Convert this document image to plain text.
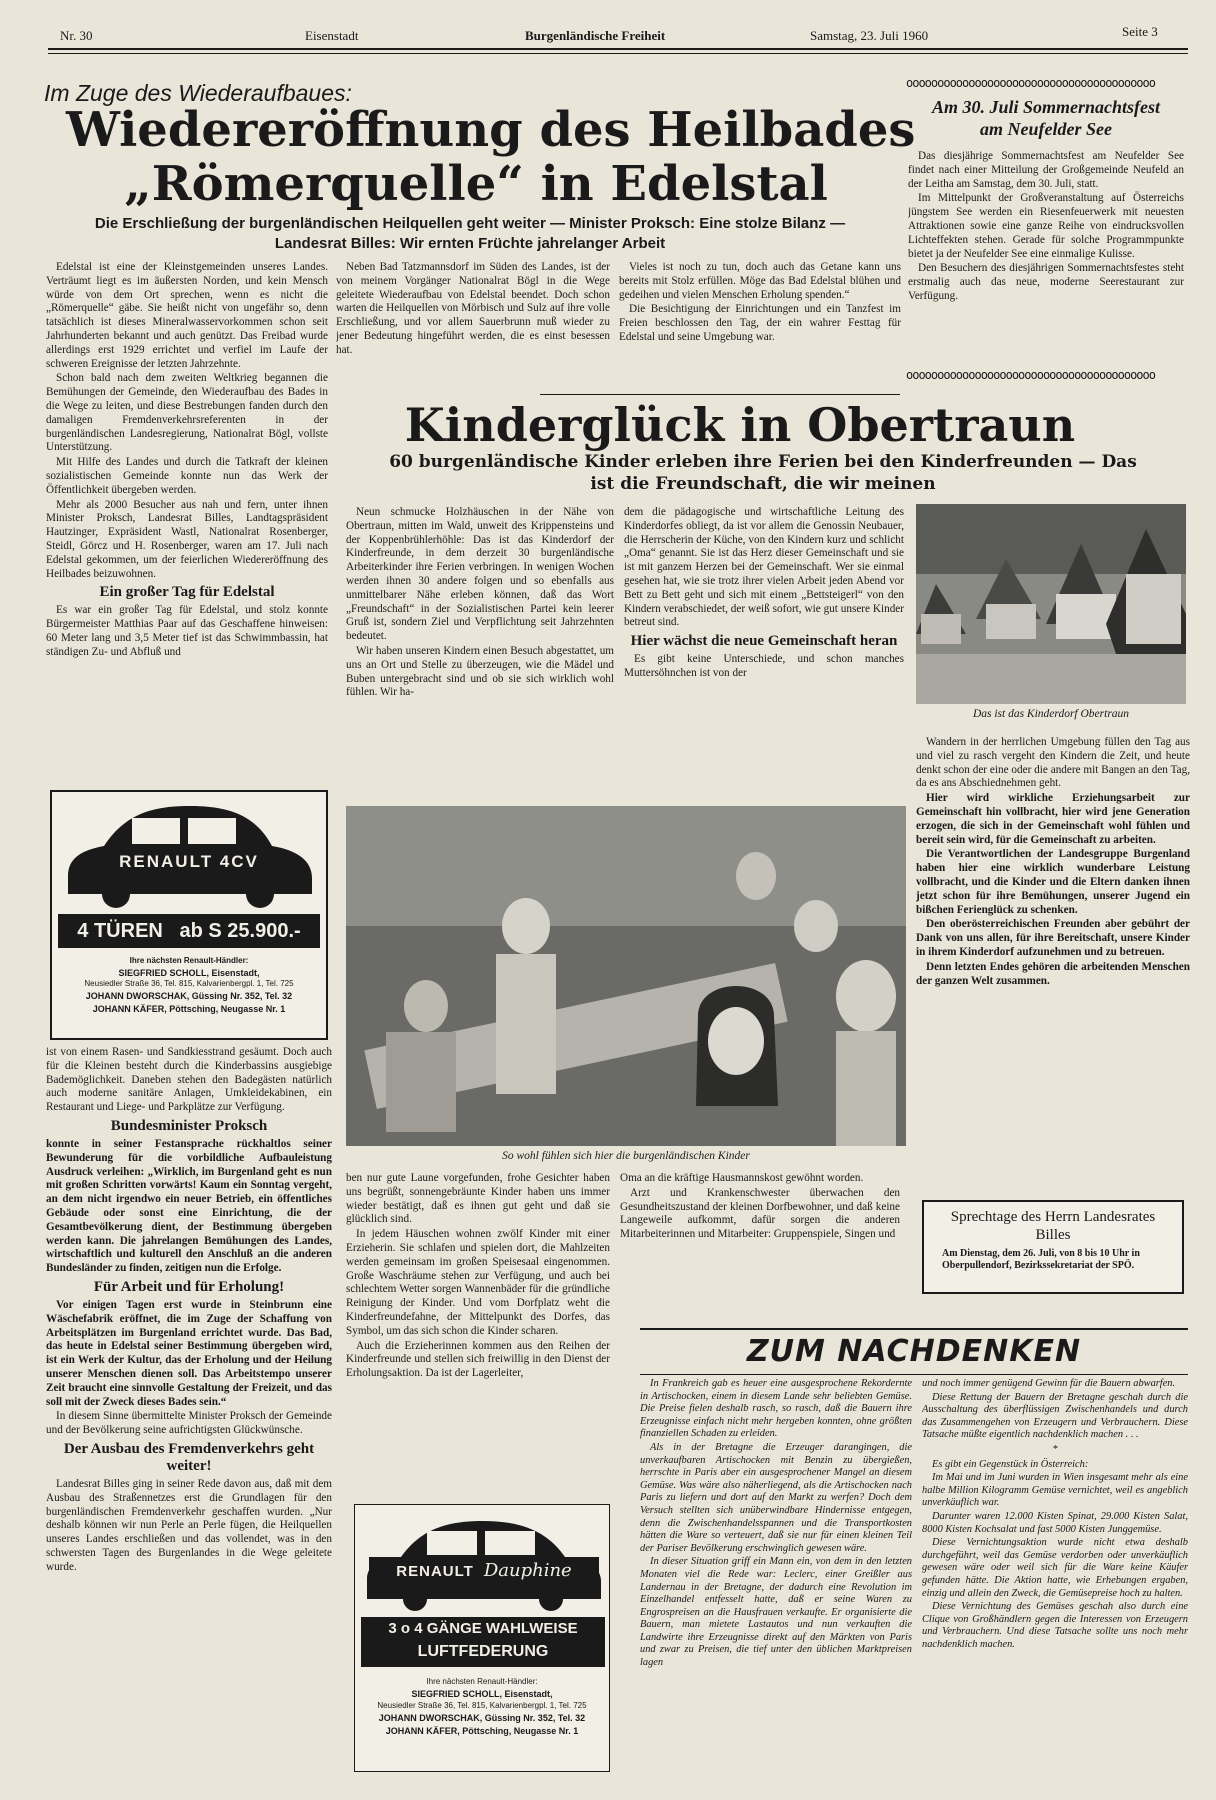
Nr. 30	Eisenstadt	Burgenländische Freiheit	Samstag, 23. Juli 1960	Seite 3
Im Zuge des Wiederaufbaues:
Wiedereröffnung des Heilbades
„Römerquelle“ in Edelstal
Die Erschließung der burgenländischen Heilquellen geht weiter — Minister Proksch: Eine stolze Bilanz —
Landesrat Billes: Wir ernten Früchte jahrelanger Arbeit

Edelstal ist eine der Kleinstgemeinden unseres Landes. Verträumt liegt es im äußersten Norden, und kein Mensch würde von dem Ort sprechen, wenn es nicht die „Römerquelle“ gäbe. Sie heißt nicht von ungefähr so, denn tatsächlich ist dieses Mineralwasservorkommen schon seit Jahrhunderten bekannt und auch genützt. Das Freibad wurde allerdings erst 1929 errichtet und verfiel im Laufe der schweren Ereignisse der letzten Jahrzehnte.

Schon bald nach dem zweiten Weltkrieg begannen die Bemühungen der Gemeinde, den Wiederaufbau des Bades in die Wege zu leiten, und diese Bestrebungen fanden durch den damaligen Fremdenverkehrsreferenten in der burgenländischen Landesregierung, Nationalrat Bögl, vollste Unterstützung.

Mit Hilfe des Landes und durch die Tatkraft der kleinen sozialistischen Gemeinde konnte nun das Werk der Öffentlichkeit übergeben werden.

Mehr als 2000 Besucher aus nah und fern, unter ihnen Minister Proksch, Landesrat Billes, Landtagspräsident Hautzinger, Expräsident Wastl, Nationalrat Rosenberger, Steidl, Görcz und H. Rosenberger, waren am 17. Juli nach Edelstal gekommen, um der feierlichen Wiedereröffnung des Heilbades beizuwohnen.

Ein großer Tag für Edelstal

Es war ein großer Tag für Edelstal, und stolz konnte Bürgermeister Matthias Paar auf das Geschaffene hinweisen: 60 Meter lang und 3,5 Meter tief ist das Schwimmbassin, hat ständigen Zu- und Abfluß und

Neben Bad Tatzmannsdorf im Süden des Landes, ist der von meinem Vorgänger Nationalrat Bögl in die Wege geleitete Wiederaufbau von Edelstal beendet. Doch schon warten die Heilquellen von Mörbisch und Sulz auf ihre volle Erschließung, und vor allem Sauerbrunn muß wieder zu jener Bedeutung hingeführt werden, die es einst besessen hat.

Vieles ist noch zu tun, doch auch das Getane kann uns bereits mit Stolz erfüllen. Möge das Bad Edelstal blühen und gedeihen und vielen Menschen Erholung spenden.“

Die Besichtigung der Einrichtungen und ein Tanzfest im Freien beschlossen den Tag, der ein wahrer Festtag für Edelstal und seine Umgebung war.

RENAULT 4CV
4 TÜREN   ab S 25.900.-
Ihre nächsten Renault-Händler:
SIEGFRIED SCHOLL, Eisenstadt,
Neusiedler Straße 36, Tel. 815, Kalvarienbergpl. 1, Tel. 725
JOHANN DWORSCHAK, Güssing Nr. 352, Tel. 32
JOHANN KÄFER, Pöttsching, Neugasse Nr. 1

ist von einem Rasen- und Sandkiesstrand gesäumt. Doch auch für die Kleinen besteht durch die Kinderbassins ausgiebige Bademöglichkeit. Daneben stehen den Badegästen natürlich auch moderne sanitäre Anlagen, Umkleidekabinen, ein Restaurant und Liege- und Parkplätze zur Verfügung.

Bundesminister Proksch

konnte in seiner Festansprache rückhaltlos seiner Bewunderung für die vorbildliche Aufbauleistung Ausdruck verleihen: „Wirklich, im Burgenland geht es nun mit großen Schritten vorwärts! Kaum ein Sonntag vergeht, an dem nicht irgendwo ein neuer Betrieb, ein öffentliches Gebäude oder sonst eine Einrichtung, die der Gesamtbevölkerung dient, der Bestimmung übergeben werden kann. Die jahrelangen Bemühungen des Landes, wirtschaftlich und kulturell den Anschluß an die anderen Bundesländer zu finden, zeitigen nun die Erfolge.

Für Arbeit und für Erholung!

Vor einigen Tagen erst wurde in Steinbrunn eine Wäschefabrik eröffnet, die im Zuge der Schaffung von Arbeitsplätzen im Burgenland errichtet wurde. Das Bad, das heute in Edelstal seiner Bestimmung übergeben wird, ist ein Werk der Kultur, das der Erholung und der Heilung unserer Menschen dienen soll. Das Arbeitstempo unserer Zeit braucht eine sinnvolle Gestaltung der Freizeit, und das soll mit der Zweck dieses Bades sein.“

In diesem Sinne übermittelte Minister Proksch der Gemeinde und der Bevölkerung seine aufrichtigsten Glückwünsche.

Der Ausbau des Fremdenverkehrs geht weiter!

Landesrat Billes ging in seiner Rede davon aus, daß mit dem Ausbau des Straßennetzes erst die Grundlagen für den burgenländischen Fremdenverkehr geschaffen wurden. „Nur deshalb können wir nun Perle an Perle fügen, die Heilquellen unseres Landes erschließen und das vollendet, was in den schwersten Tagen des Burgenlandes in die Wege geleitete wurde.

oooooooooooooooooooooooooooooooooooooooo
Am 30. Juli Sommernachtsfest
am Neufelder See

Das diesjährige Sommernachtsfest am Neufelder See findet nach einer Mitteilung der Großgemeinde Neufeld an der Leitha am Samstag, dem 30. Juli, statt.

Im Mittelpunkt der Großveranstaltung auf Österreichs jüngstem See werden ein Riesenfeuerwerk mit neuesten Attraktionen sowie eine ganze Reihe von eindrucksvollen Lichteffekten stehen. Gerade für solche Programmpunkte bietet ja der Neufelder See eine einmalige Kulisse.

Den Besuchern des diesjährigen Sommernachtsfestes steht erstmalig auch das neue, moderne Seerestaurant zur Verfügung.

oooooooooooooooooooooooooooooooooooooooo
Kinderglück in Obertraun
60 burgenländische Kinder erleben ihre Ferien bei den Kinderfreunden — Das
ist die Freundschaft, die wir meinen

Neun schmucke Holzhäuschen in der Nähe von Obertraun, mitten im Wald, unweit des Krippensteins und der Koppenbrühlerhöhle: Das ist das Kinderdorf der Kinderfreunde, in dem derzeit 30 burgenländische Arbeiterkinder ihre Ferien verbringen. In wenigen Wochen werden ihnen 30 andere folgen und so ebenfalls aus unmittelbarer Nähe erleben können, daß das Wort „Freundschaft“ in der Sozialistischen Partei kein leerer Gruß ist, sondern Ziel und Verpflichtung seit Jahrzehnten bedeutet.

Wir haben unseren Kindern einen Besuch abgestattet, um uns an Ort und Stelle zu überzeugen, wie die Mädel und Buben untergebracht sind und ob sie sich wirklich wohl fühlen. Wir ha-

dem die pädagogische und wirtschaftliche Leitung des Kinderdorfes obliegt, da ist vor allem die Genossin Neubauer, die Herrscherin der Küche, von den Kindern kurz und schlicht „Oma“ genannt. Sie ist das Herz dieser Gemeinschaft und sie ist mit ganzem Herzen bei der Gemeinschaft. Wer sie einmal gesehen hat, wie sie trotz ihrer vielen Arbeit jeden Abend vor Bett zu Bett geht und sich mit einem „Bettsteigerl“ von den Kindern verabschiedet, der weiß sofort, wie gut unsere Kinder betreut sind.

Hier wächst die neue Gemeinschaft heran

Es gibt keine Unterschiede, und schon manches Muttersöhnchen ist von der

Das ist das Kinderdorf Obertraun

Wandern in der herrlichen Umgebung füllen den Tag aus und viel zu rasch vergeht den Kindern die Zeit, und heute denkt schon der eine oder die andere mit Bangen an den Tag, da es ans Abschiednehmen geht.

Hier wird wirkliche Erziehungsarbeit zur Gemeinschaft hin vollbracht, hier wird jene Generation erzogen, die sich in der Gemeinschaft wohl fühlen und bereit sein wird, für die Gemeinschaft zu arbeiten.

Die Verantwortlichen der Landesgruppe Burgenland haben hier eine wirklich wunderbare Leistung vollbracht, und die Kinder und die Eltern danken ihnen jetzt schon für ihre Bemühungen, unserer Jugend ein bißchen Ferienglück zu schenken.

Den oberösterreichischen Freunden aber gebührt der Dank von uns allen, für ihre Bereitschaft, unsere Kinder in ihrem Kinderdorf aufzunehmen und zu betreuen.

Denn letzten Endes gehören die arbeitenden Menschen der ganzen Welt zusammen.

So wohl fühlen sich hier die burgenländischen Kinder

ben nur gute Laune vorgefunden, frohe Gesichter haben uns begrüßt, sonnengebräunte Kinder haben uns immer wieder bestätigt, daß es ihnen gut geht und daß sie glücklich sind.

In jedem Häuschen wohnen zwölf Kinder mit einer Erzieherin. Sie schlafen und spielen dort, die Mahlzeiten werden gemeinsam im großen Speisesaal eingenommen. Große Waschräume stehen zur Verfügung, und auch bei schlechtem Wetter sorgen Wannenbäder für die gründliche Reinigung der Kinder. Und vom Dorfplatz weht die Kinderfreundefahne, der Mittelpunkt des Dorfes, das Symbol, um das sich schon die Kinder scharen.

Auch die Erzieherinnen kommen aus den Reihen der Kinderfreunde und stellen sich freiwillig in den Dienst der Erholungsaktion. Da ist der Lagerleiter,

Oma an die kräftige Hausmannskost gewöhnt worden.

Arzt und Krankenschwester überwachen den Gesundheitszustand der kleinen Dorfbewohner, und daß keine Langeweile aufkommt, dafür sorgen die anderen Mitarbeiterinnen und Mitarbeiter: Gruppenspiele, Singen und

Sprechtage des Herrn Landesrates
Billes
Am Dienstag, dem 26. Juli, von 8 bis 10 Uhr in Oberpullendorf, Bezirkssekretariat der SPÖ.
ZUM NACHDENKEN

In Frankreich gab es heuer eine ausgesprochene Rekordernte in Artischocken, einem in diesem Lande sehr beliebten Gemüse. Die Preise fielen deshalb rasch, so rasch, daß die Bauern ihre Erzeugnisse einfach nicht mehr hergeben konnten, ohne größten finanziellen Schaden zu erleiden.

Als in der Bretagne die Erzeuger darangingen, die unverkaufbaren Artischocken mit Benzin zu übergießen, herrschte in Paris aber ein ausgesprochener Mangel an diesem Gemüse. Was wäre also näherliegend, als die Artischocken nach Paris zu liefern und dort auf den Markt zu werfen? Doch dem Versuch stellten sich unüberwindbare Hindernisse entgegen, denn die Zwischenhandelsspannen und die Transportkosten hätten die Ware so verteuert, daß sie nur für einen kleinen Teil der Pariser Bevölkerung erschwinglich gewesen wäre.

In dieser Situation griff ein Mann ein, von dem in den letzten Monaten viel die Rede war: Leclerc, einer Greißler aus Landernau in der Bretagne, der dadurch eine Revolution im Einzelhandel entfesselt hatte, daß er seine Waren zu Engrospreisen an die Hausfrauen verkaufte. Er organisierte die Bauern, man mietete Lastautos und nun verkauften die Landwirte ihre Erzeugnisse direkt auf den Märkten von Paris und zwar zu Preisen, die tief unter den üblichen Marktpreisen lagen

und noch immer genügend Gewinn für die Bauern abwarfen.

Diese Rettung der Bauern der Bretagne geschah durch die Ausschaltung des überflüssigen Zwischenhandels und durch das Zusammengehen von Erzeugern und Verbrauchern. Diese Tatsache müßte eigentlich nachdenklich machen . . .

*

Es gibt ein Gegenstück in Österreich:

Im Mai und im Juni wurden in Wien insgesamt mehr als eine halbe Million Kilogramm Gemüse vernichtet, weil es angeblich unverkäuflich war.

Darunter waren 12.000 Kisten Spinat, 29.000 Kisten Salat, 8000 Kisten Kochsalat und fast 5000 Kisten Junggemüse.

Diese Vernichtungsaktion wurde nicht etwa deshalb durchgeführt, weil das Gemüse verdorben oder unverkäuflich gewesen wäre oder weil sich für die Ware keine Käufer gefunden hätte. Die Aktion hatte, wie Erhebungen ergaben, einzig und allein den Zweck, die Gemüsepreise hoch zu halten.

Diese Vernichtung des Gemüses geschah also durch eine Clique von Großhändlern gegen die Interessen von Erzeugern und Verbrauchern. Und diese Tatsache sollte uns noch mehr nachdenklich machen.

RENAULT Dauphine
3 o 4 GÄNGE WAHLWEISE
LUFTFEDERUNG
Ihre nächsten Renault-Händler:
SIEGFRIED SCHOLL, Eisenstadt,
Neusiedler Straße 36, Tel. 815, Kalvarienbergpl. 1, Tel. 725
JOHANN DWORSCHAK, Güssing Nr. 352, Tel. 32
JOHANN KÄFER, Pöttsching, Neugasse Nr. 1
